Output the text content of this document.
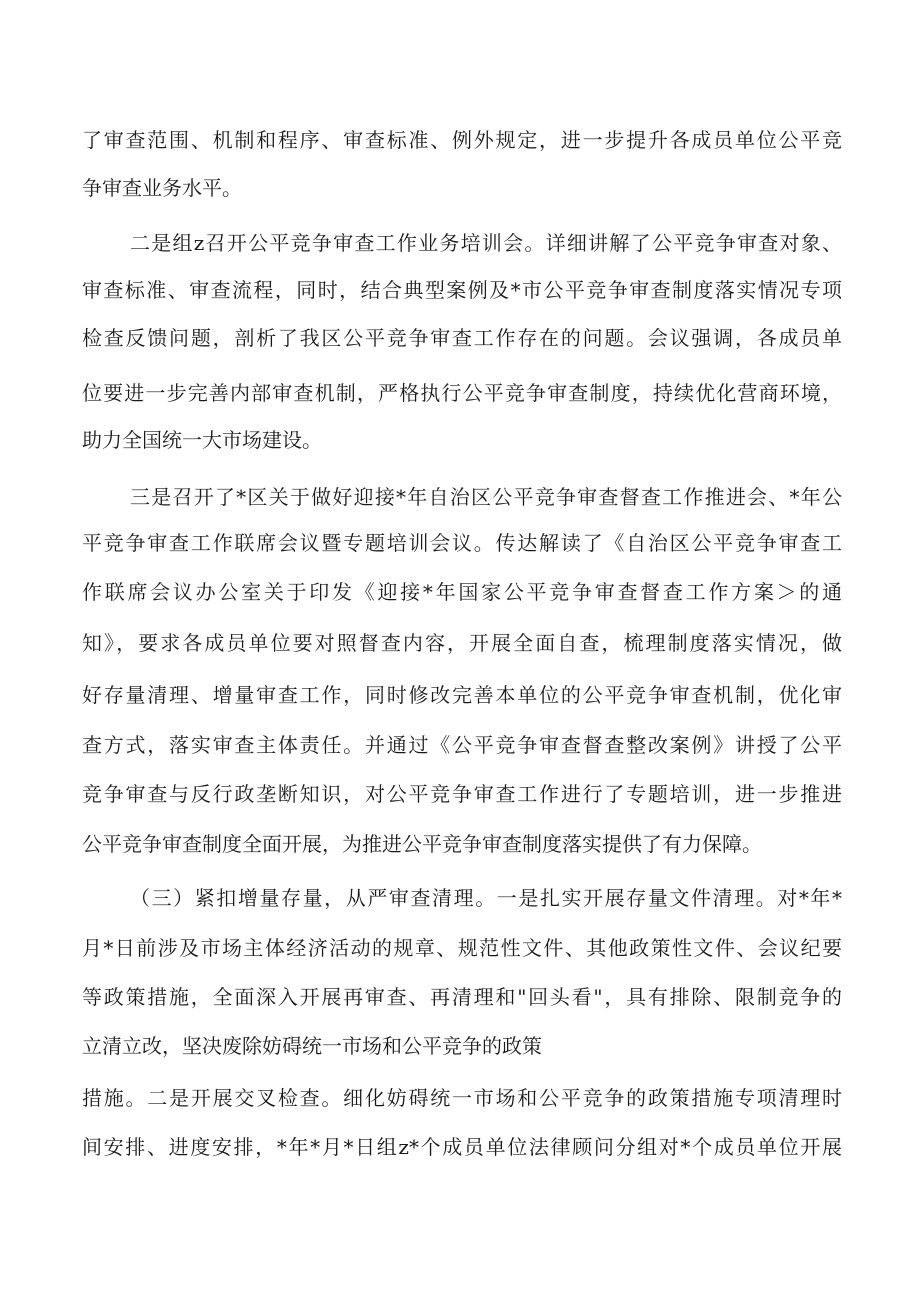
了审查范围、机制和程序、审查标准、例外规定，进一步提升各成员单位公平竞
争审查业务水平。
二是组z召开公平竞争审查工作业务培训会。详细讲解了公平竞争审查对象、
审查标准、审查流程，同时，结合典型案例及*市公平竞争审查制度落实情况专项
检查反馈问题，剖析了我区公平竞争审查工作存在的问题。会议强调，各成员单
位要进一步完善内部审查机制，严格执行公平竞争审查制度，持续优化营商环境，
助力全国统一大市场建设。
三是召开了*区关于做好迎接*年自治区公平竞争审查督查工作推进会、*年公
平竞争审查工作联席会议暨专题培训会议。传达解读了《自治区公平竞争审查工
作联席会议办公室关于印发《迎接*年国家公平竞争审查督查工作方案＞的通
知》，要求各成员单位要对照督查内容，开展全面自查，梳理制度落实情况，做
好存量清理、增量审查工作，同时修改完善本单位的公平竞争审查机制，优化审
查方式，落实审查主体责任。并通过《公平竞争审查督查整改案例》讲授了公平
竞争审查与反行政垄断知识，对公平竞争审查工作进行了专题培训，进一步推进
公平竞争审查制度全面开展，为推进公平竞争审查制度落实提供了有力保障。
（三）紧扣增量存量，从严审查清理。一是扎实开展存量文件清理。对*年*
月*日前涉及市场主体经济活动的规章、规范性文件、其他政策性文件、会议纪要
等政策措施，全面深入开展再审查、再清理和"回头看"，具有排除、限制竞争的
立清立改，坚决废除妨碍统一市场和公平竞争的政策
措施。二是开展交叉检查。细化妨碍统一市场和公平竞争的政策措施专项清理时
间安排、进度安排，*年*月*日组z*个成员单位法律顾问分组对*个成员单位开展
